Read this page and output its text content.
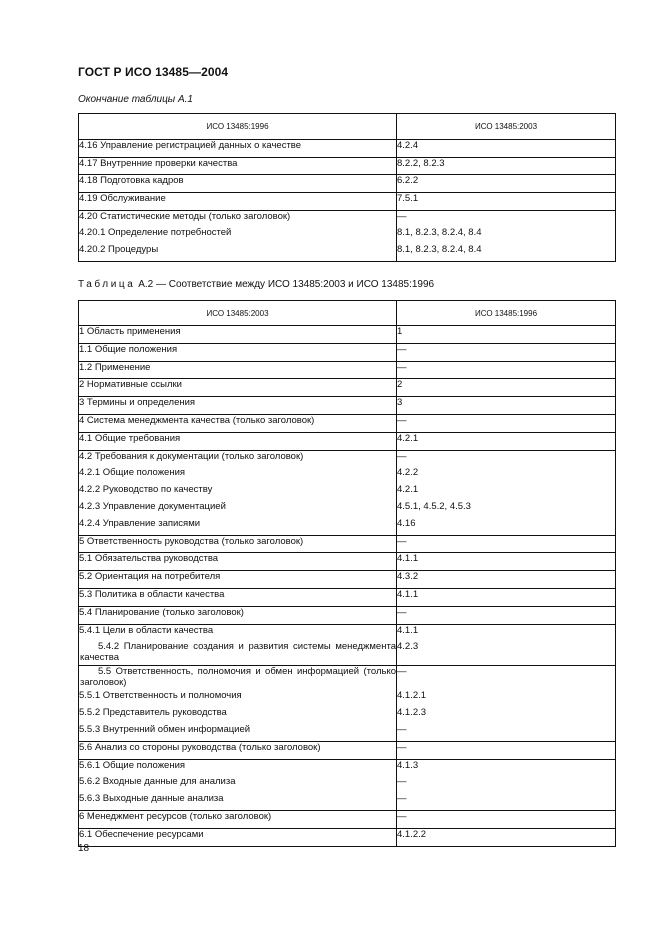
ГОСТ Р ИСО 13485—2004
Окончание таблицы А.1
ИСО 13485:1996	ИСО 13485:2003
4.16 Управление регистрацией данных о качестве	4.2.4
4.17 Внутренние проверки качества	8.2.2, 8.2.3
4.18 Подготовка кадров	6.2.2
4.19 Обслуживание	7.5.1
4.20 Статистические методы (только заголовок)	—
4.20.1 Определение потребностей	8.1, 8.2.3, 8.2.4, 8.4
4.20.2 Процедуры	8.1, 8.2.3, 8.2.4, 8.4
Таблица А.2 — Соответствие между ИСО 13485:2003 и ИСО 13485:1996
ИСО 13485:2003	ИСО 13485:1996
1 Область применения	1
1.1 Общие положения	—
1.2 Применение	—
2 Нормативные ссылки	2
3 Термины и определения	3
4 Система менеджмента качества (только заголовок)	—
4.1 Общие требования	4.2.1
4.2 Требования к документации (только заголовок)	—
4.2.1 Общие положения	4.2.2
4.2.2 Руководство по качеству	4.2.1
4.2.3 Управление документацией	4.5.1, 4.5.2, 4.5.3
4.2.4 Управление записями	4.16
5 Ответственность руководства (только заголовок)	—
5.1 Обязательства руководства	4.1.1
5.2 Ориентация на потребителя	4.3.2
5.3 Политика в области качества	4.1.1
5.4 Планирование (только заголовок)	—
5.4.1 Цели в области качества	4.1.1
5.4.2 Планирование создания и развития системы менеджмента качества	4.2.3
5.5 Ответственность, полномочия и обмен информацией (только заголовок)	—
5.5.1 Ответственность и полномочия	4.1.2.1
5.5.2 Представитель руководства	4.1.2.3
5.5.3 Внутренний обмен информацией	—
5.6 Анализ со стороны руководства (только заголовок)	—
5.6.1 Общие положения	4.1.3
5.6.2 Входные данные для анализа	—
5.6.3 Выходные данные анализа	—
6 Менеджмент ресурсов (только заголовок)	—
6.1 Обеспечение ресурсами	4.1.2.2
18
